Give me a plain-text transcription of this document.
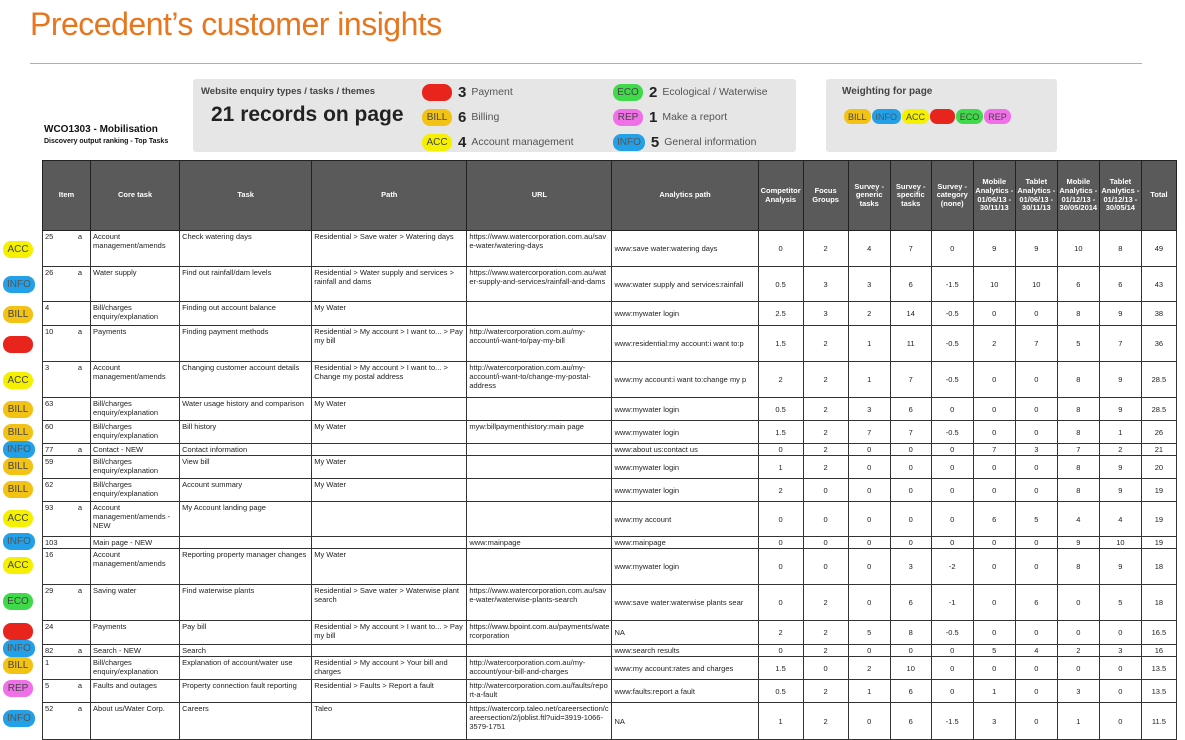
Precedent’s customer insights
WCO1303 - Mobilisation
Discovery output ranking - Top Tasks
Website enquiry types / tasks / themes
21 records on page
PAY 3 Payment
BILL 6 Billing
ACC 4 Account management
ECO 2 Ecological / Waterwise
REP 1 Make a report
INFO 5 General information
Weighting for page
BILL	INFO	ACC	PAY	ECO	REP
Item	Core task	Task	Path	URL	Analytics path	Competitor Analysis	Focus Groups	Survey - generic tasks	Survey - specific tasks	Survey - category (none)	Mobile Analytics - 01/06/13 - 30/11/13	Tablet Analytics - 01/06/13 - 30/11/13	Mobile Analytics - 01/12/13 - 30/05/2014	Tablet Analytics - 01/12/13 - 30/05/14	Total
25 a	Account management/amends	Check watering days	Residential > Save water > Watering days	https://www.watercorporation.com.au/save-water/watering-days	www:save water:watering days	0	2	4	7	0	9	9	10	8	49
26 a	Water supply	Find out rainfall/dam levels	Residential > Water supply and services > rainfall and dams	https://www.watercorporation.com.au/water-supply-and-services/rainfall-and-dams	www:water supply and services:rainfall	0.5	3	3	6	-1.5	10	10	6	6	43
4	Bill/charges enquiry/explanation	Finding out account balance	My Water		www:mywater login	2.5	3	2	14	-0.5	0	0	8	9	38
10 a	Payments	Finding payment methods	Residential > My account > I want to... > Pay my bill	http://watercorporation.com.au/my-account/i-want-to/pay-my-bill	www:residential:my account:i want to:p	1.5	2	1	11	-0.5	2	7	5	7	36
3 a	Account management/amends	Changing customer account details	Residential > My account > I want to... > Change my postal address	http://watercorporation.com.au/my-account/i-want-to/change-my-postal-address	www:my account:i want to:change my p	2	2	1	7	-0.5	0	0	8	9	28.5
63	Bill/charges enquiry/explanation	Water usage history and comparison	My Water		www:mywater login	0.5	2	3	6	0	0	0	8	9	28.5
60	Bill/charges enquiry/explanation	Bill history	My Water	myw:billpaymenthistory:main page	www:mywater login	1.5	2	7	7	-0.5	0	0	8	1	26
77 a	Contact - NEW	Contact information			www:about us:contact us	0	2	0	0	0	7	3	7	2	21
59	Bill/charges enquiry/explanation	View bill	My Water		www:mywater login	1	2	0	0	0	0	0	8	9	20
62	Bill/charges enquiry/explanation	Account summary	My Water		www:mywater login	2	0	0	0	0	0	0	8	9	19
93 a	Account management/amends - NEW	My Account landing page			www:my account	0	0	0	0	0	6	5	4	4	19
103	Main page - NEW			www:mainpage	www:mainpage	0	0	0	0	0	0	0	9	10	19
16	Account management/amends	Reporting property manager changes	My Water		www:mywater login	0	0	0	3	-2	0	0	8	9	18
29 a	Saving water	Find waterwise plants	Residential > Save water > Waterwise plant search	https://www.watercorporation.com.au/save-water/waterwise-plants-search	www:save water:waterwise plants sear	0	2	0	6	-1	0	6	0	5	18
24	Payments	Pay bill	Residential > My account > I want to... > Pay my bill	https://www.bpoint.com.au/payments/watercorporation	NA	2	2	5	8	-0.5	0	0	0	0	16.5
82 a	Search - NEW	Search			www:search results	0	2	0	0	0	5	4	2	3	16
1	Bill/charges enquiry/explanation	Explanation of account/water use	Residential > My account > Your bill and charges	http://watercorporation.com.au/my-account/your-bill-and-charges	www:my account:rates and charges	1.5	0	2	10	0	0	0	0	0	13.5
5 a	Faults and outages	Property connection fault reporting	Residential > Faults > Report a fault	http://watercorporation.com.au/faults/report-a-fault	www:faults:report a fault	0.5	2	1	6	0	1	0	3	0	13.5
52 a	About us/Water Corp.	Careers	Taleo	https://watercorp.taleo.net/careersection/careersection/2/joblist.ftl?uid=3919-1066-3579-1751	NA	1	2	0	6	-1.5	3	0	1	0	11.5
ACC
INFO
BILL
PAY
ACC
BILL
BILL
INFO
BILL
BILL
ACC
INFO
ACC
ECO
PAY
INFO
BILL
REP
INFO
